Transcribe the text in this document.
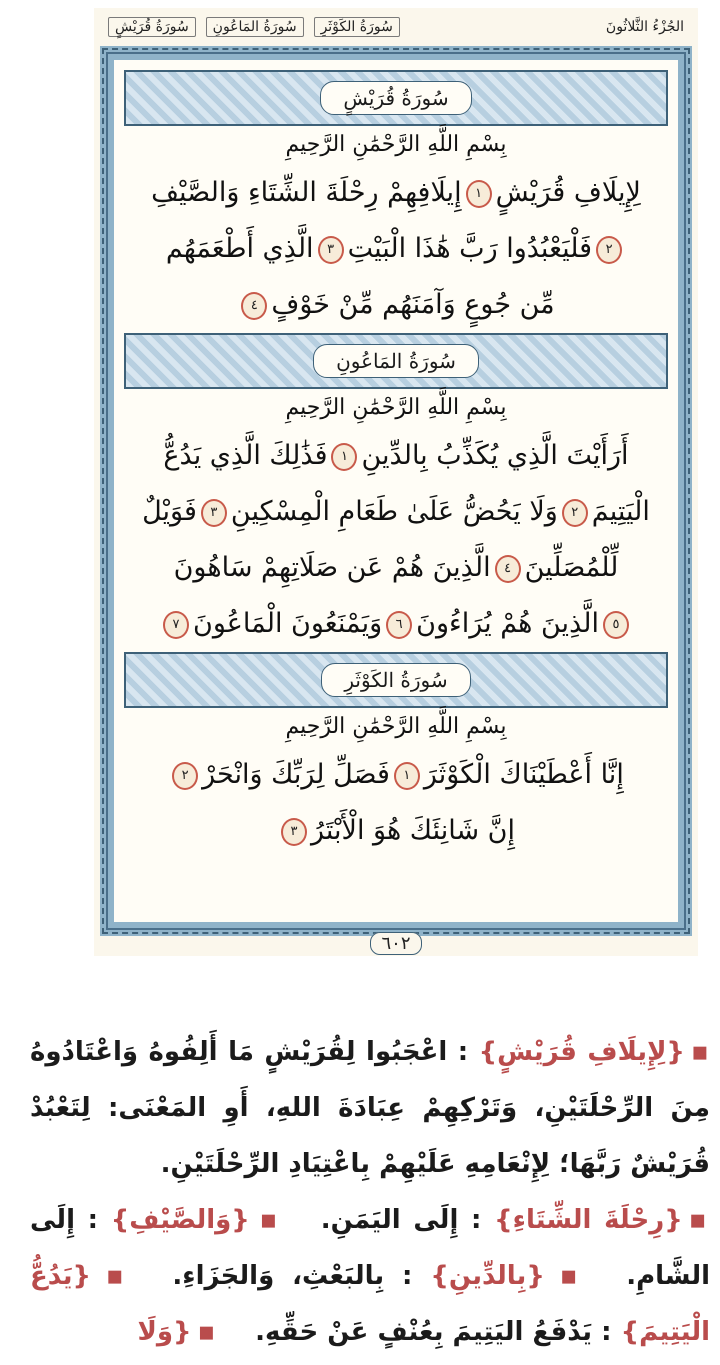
الجُزْءُ الثَّلاثُونَ
سُورَةُ الكَوْثَرِ
سُورَةُ المَاعُونِ
سُورَةُ قُرَيْشٍ
سُورَةُ قُرَيْشٍ
بِسْمِ اللَّهِ الرَّحْمَٰنِ الرَّحِيمِ
لِإِيلَافِ قُرَيْشٍ١إِيلَافِهِمْ رِحْلَةَ الشِّتَاءِ وَالصَّيْفِ
٢فَلْيَعْبُدُوا رَبَّ هَٰذَا الْبَيْتِ٣الَّذِي أَطْعَمَهُم
مِّن جُوعٍ وَآمَنَهُم مِّنْ خَوْفٍ٤
سُورَةُ المَاعُونِ
بِسْمِ اللَّهِ الرَّحْمَٰنِ الرَّحِيمِ
أَرَأَيْتَ الَّذِي يُكَذِّبُ بِالدِّينِ١فَذَٰلِكَ الَّذِي يَدُعُّ
الْيَتِيمَ٢وَلَا يَحُضُّ عَلَىٰ طَعَامِ الْمِسْكِينِ٣فَوَيْلٌ
لِّلْمُصَلِّينَ٤الَّذِينَ هُمْ عَن صَلَاتِهِمْ سَاهُونَ
٥الَّذِينَ هُمْ يُرَاءُونَ٦وَيَمْنَعُونَ الْمَاعُونَ٧
سُورَةُ الكَوْثَرِ
بِسْمِ اللَّهِ الرَّحْمَٰنِ الرَّحِيمِ
إِنَّا أَعْطَيْنَاكَ الْكَوْثَرَ١فَصَلِّ لِرَبِّكَ وَانْحَرْ٢
إِنَّ شَانِئَكَ هُوَ الْأَبْتَرُ٣
٦٠٢

▪{لِإِيلَافِ قُرَيْشٍ} : اعْجَبُوا لِقُرَيْشٍ مَا أَلِفُوهُ وَاعْتَادُوهُ مِنَ الرِّحْلَتَيْنِ، وَتَرْكِهِمْ عِبَادَةَ اللهِ، أَوِ المَعْنَى: لِتَعْبُدْ قُرَيْشٌ رَبَّهَا؛ لِإِنْعَامِهِ عَلَيْهِمْ بِاعْتِيَادِ الرِّحْلَتَيْنِ.

▪{رِحْلَةَ الشِّتَاءِ} : إِلَى اليَمَنِ.▪{وَالصَّيْفِ} : إِلَى الشَّامِ.▪{بِالدِّينِ} : بِالبَعْثِ، وَالجَزَاءِ.▪{يَدُعُّ الْيَتِيمَ} : يَدْفَعُ اليَتِيمَ بِعُنْفٍ عَنْ حَقِّهِ.▪{وَلَا
